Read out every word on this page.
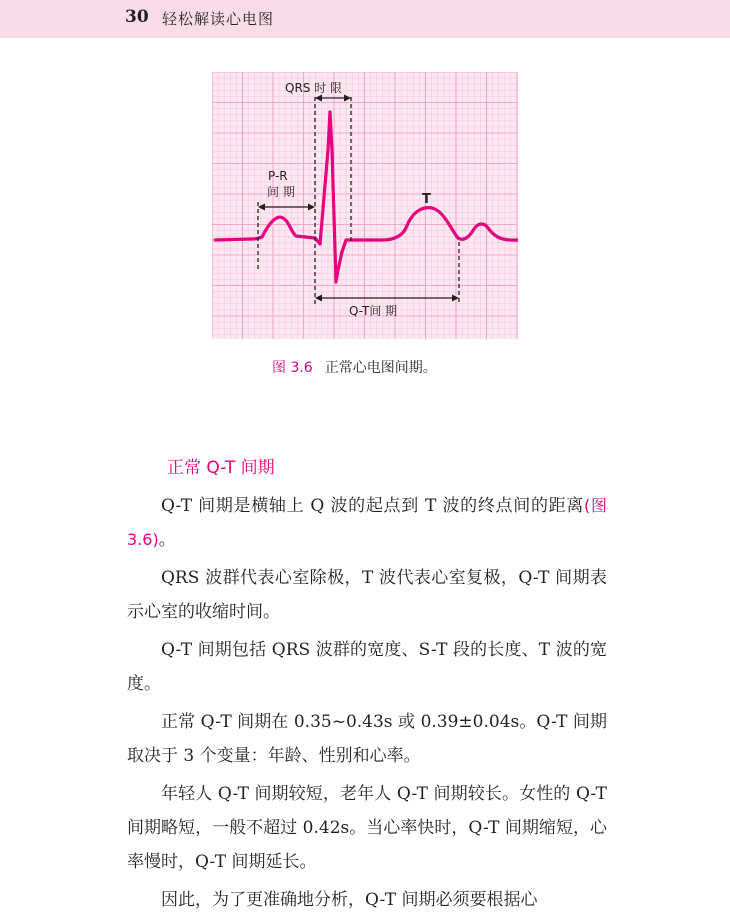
30 轻松解读心电图
QRS 时 限
P-R
间 期	T
Q-T间 期
图 3.6 正常心电图间期。
正常 Q-T 间期

Q-T 间期是横轴上 Q 波的起点到 T 波的终点间的距离(图 3.6)。

QRS 波群代表心室除极，T 波代表心室复极，Q-T 间期表示心室的收缩时间。

Q-T 间期包括 QRS 波群的宽度、S-T 段的长度、T 波的宽度。

正常 Q-T 间期在 0.35~0.43s 或 0.39±0.04s。Q-T 间期取决于 3 个变量：年龄、性别和心率。

年轻人 Q-T 间期较短，老年人 Q-T 间期较长。女性的 Q-T 间期略短，一般不超过 0.42s。当心率快时，Q-T 间期缩短，心率慢时，Q-T 间期延长。

因此，为了更准确地分析，Q-T 间期必须要根据心
